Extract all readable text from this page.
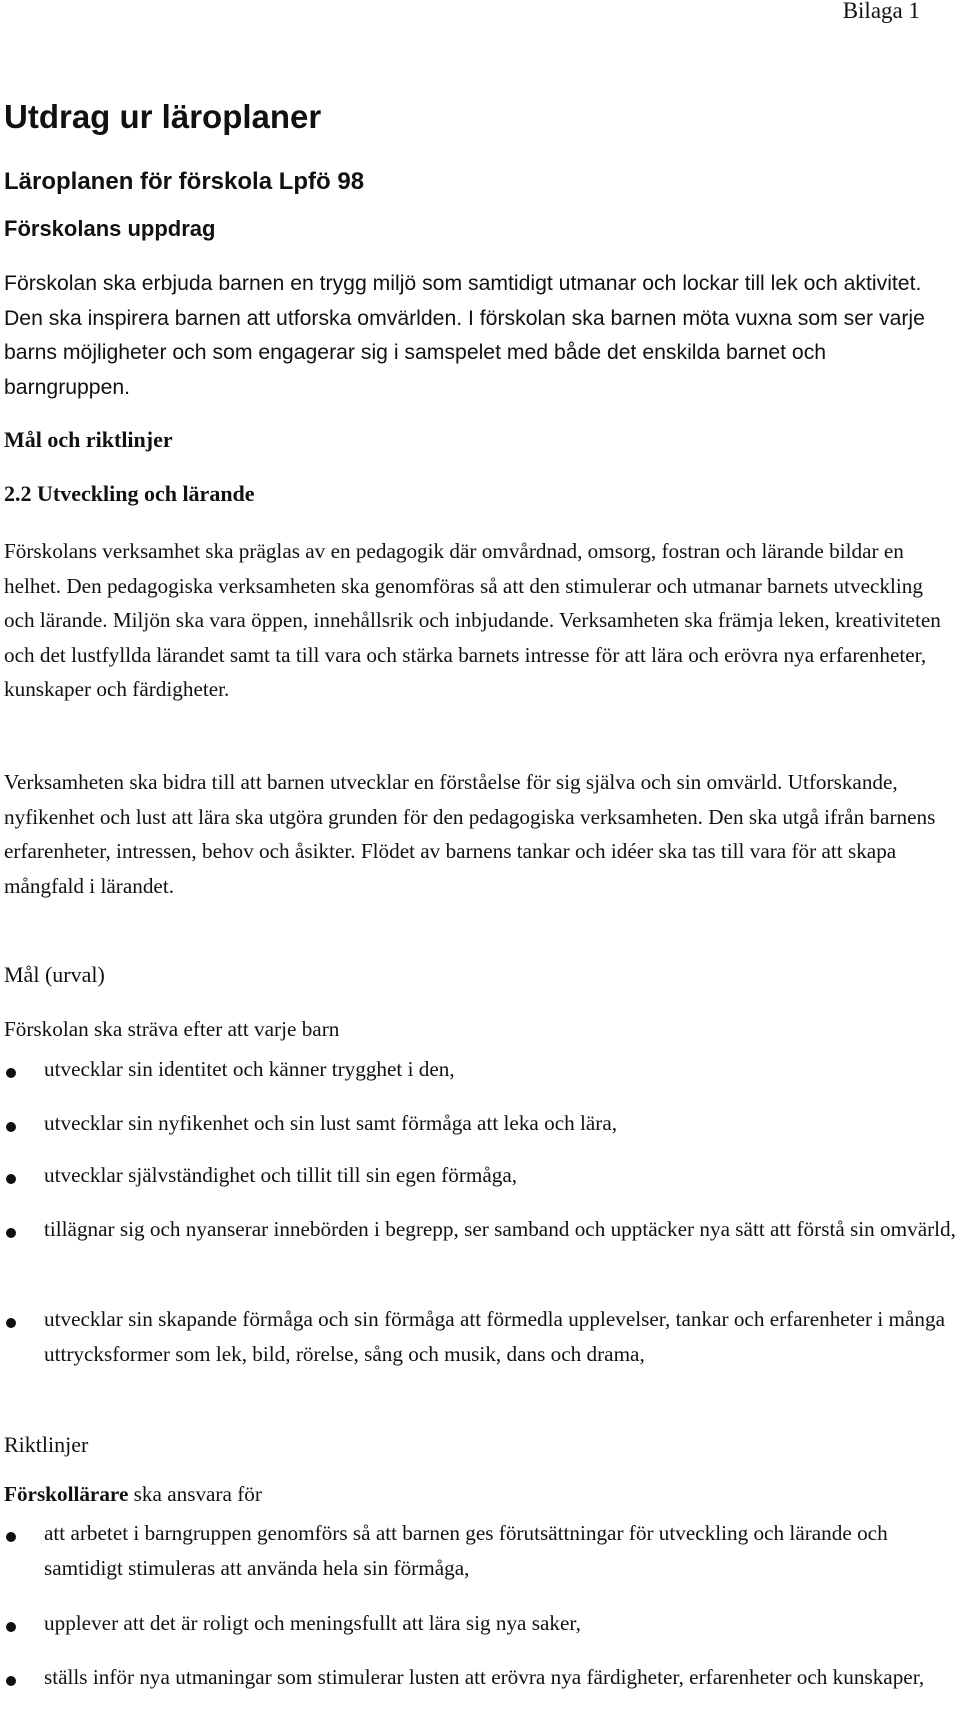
Bilaga 1
Utdrag ur läroplaner
Läroplanen för förskola Lpfö 98
Förskolans uppdrag

Förskolan ska erbjuda barnen en trygg miljö som samtidigt utmanar och lockar till lek och aktivitet. Den ska inspirera barnen att utforska omvärlden. I förskolan ska barnen möta vuxna som ser varje barns möjligheter och som engagerar sig i samspelet med både det enskilda barnet och barngruppen.

Mål och riktlinjer

2.2 Utveckling och lärande

Förskolans verksamhet ska präglas av en pedagogik där omvårdnad, omsorg, fostran och lärande bildar en helhet. Den pedagogiska verksamheten ska genomföras så att den stimulerar och utmanar barnets utveckling och lärande. Miljön ska vara öppen, innehållsrik och inbjudande. Verksamheten ska främja leken, kreativiteten och det lustfyllda lärandet samt ta till vara och stärka barnets intresse för att lära och erövra nya erfarenheter, kunskaper och färdigheter.

Verksamheten ska bidra till att barnen utvecklar en förståelse för sig själva och sin omvärld. Utforskande, nyfikenhet och lust att lära ska utgöra grunden för den pedagogiska verksamheten. Den ska utgå ifrån barnens erfarenheter, intressen, behov och åsikter. Flödet av barnens tankar och idéer ska tas till vara för att skapa mångfald i lärandet.

Mål (urval)

Förskolan ska sträva efter att varje barn

utvecklar sin identitet och känner trygghet i den,

utvecklar sin nyfikenhet och sin lust samt förmåga att leka och lära,

utvecklar självständighet och tillit till sin egen förmåga,

tillägnar sig och nyanserar innebörden i begrepp, ser samband och upptäcker nya sätt att förstå sin omvärld,

utvecklar sin skapande förmåga och sin förmåga att förmedla upplevelser, tankar och erfarenheter i många uttrycksformer som lek, bild, rörelse, sång och musik, dans och drama,

Riktlinjer

Förskollärare ska ansvara för

att arbetet i barngruppen genomförs så att barnen ges förutsättningar för utveckling och lärande och samtidigt stimuleras att använda hela sin förmåga,

upplever att det är roligt och meningsfullt att lära sig nya saker,

ställs inför nya utmaningar som stimulerar lusten att erövra nya färdigheter, erfarenheter och kunskaper,
